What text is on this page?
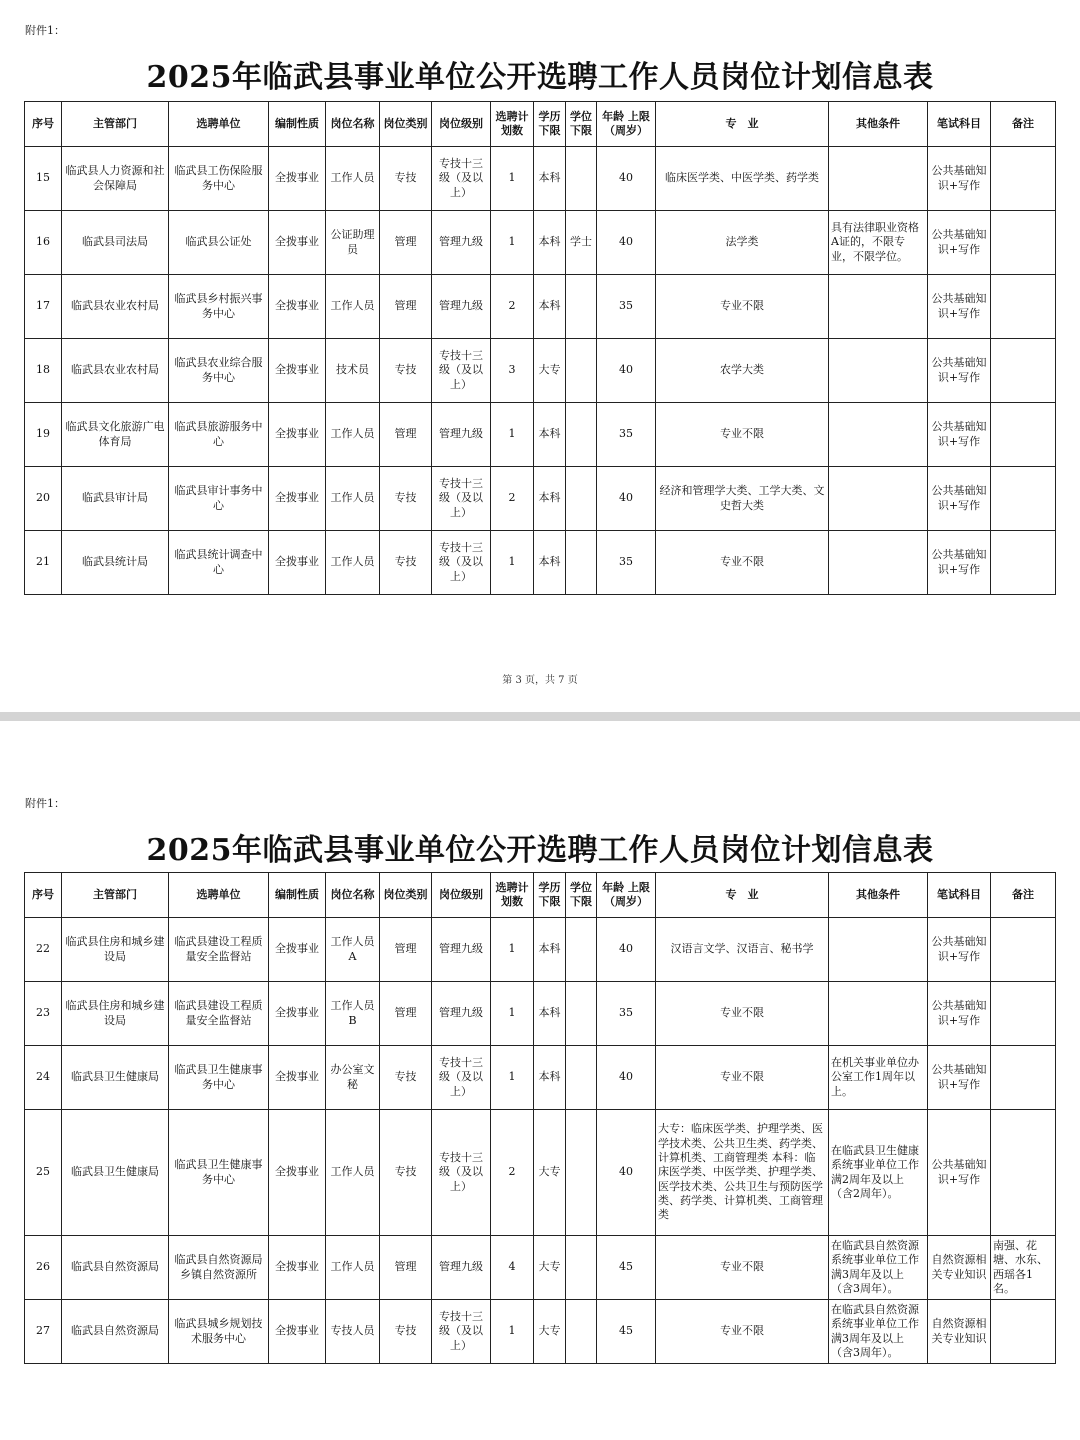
附件1：
2025年临武县事业单位公开选聘工作人员岗位计划信息表
序号	主管部门	选聘单位	编制性质	岗位名称	岗位类别	岗位级别	选聘计划数	学历下限	学位下限	年龄 上限（周岁）	专　业	其他条件	笔试科目	备注
15	临武县人力资源和社会保障局	临武县工伤保险服务中心	全拨事业	工作人员	专技	专技十三级（及以上）	1	本科		40	临床医学类、中医学类、药学类		公共基础知识+写作	
16	临武县司法局	临武县公证处	全拨事业	公证助理员	管理	管理九级	1	本科	学士	40	法学类	具有法律职业资格A证的，不限专业，不限学位。	公共基础知识+写作	
17	临武县农业农村局	临武县乡村振兴事务中心	全拨事业	工作人员	管理	管理九级	2	本科		35	专业不限		公共基础知识+写作	
18	临武县农业农村局	临武县农业综合服务中心	全拨事业	技术员	专技	专技十三级（及以上）	3	大专		40	农学大类		公共基础知识+写作	
19	临武县文化旅游广电体育局	临武县旅游服务中心	全拨事业	工作人员	管理	管理九级	1	本科		35	专业不限		公共基础知识+写作	
20	临武县审计局	临武县审计事务中心	全拨事业	工作人员	专技	专技十三级（及以上）	2	本科		40	经济和管理学大类、工学大类、文史哲大类		公共基础知识+写作	
21	临武县统计局	临武县统计调查中心	全拨事业	工作人员	专技	专技十三级（及以上）	1	本科		35	专业不限		公共基础知识+写作	
第 3 页，共 7 页
附件1：
2025年临武县事业单位公开选聘工作人员岗位计划信息表
序号	主管部门	选聘单位	编制性质	岗位名称	岗位类别	岗位级别	选聘计划数	学历下限	学位下限	年龄 上限（周岁）	专　业	其他条件	笔试科目	备注
22	临武县住房和城乡建设局	临武县建设工程质量安全监督站	全拨事业	工作人员A	管理	管理九级	1	本科		40	汉语言文学、汉语言、秘书学		公共基础知识+写作	
23	临武县住房和城乡建设局	临武县建设工程质量安全监督站	全拨事业	工作人员B	管理	管理九级	1	本科		35	专业不限		公共基础知识+写作	
24	临武县卫生健康局	临武县卫生健康事务中心	全拨事业	办公室文秘	专技	专技十三级（及以上）	1	本科		40	专业不限	在机关事业单位办公室工作1周年以上。	公共基础知识+写作	
25	临武县卫生健康局	临武县卫生健康事务中心	全拨事业	工作人员	专技	专技十三级（及以上）	2	大专		40	大专：临床医学类、护理学类、医学技术类、公共卫生类、药学类、计算机类、工商管理类 本科：临床医学类、中医学类、护理学类、医学技术类、公共卫生与预防医学类、药学类、计算机类、工商管理类	在临武县卫生健康系统事业单位工作满2周年及以上（含2周年）。	公共基础知识+写作	
26	临武县自然资源局	临武县自然资源局乡镇自然资源所	全拨事业	工作人员	管理	管理九级	4	大专		45	专业不限	在临武县自然资源系统事业单位工作满3周年及以上（含3周年）。	自然资源相关专业知识	南强、花塘、水东、西瑶各1名。
27	临武县自然资源局	临武县城乡规划技术服务中心	全拨事业	专技人员	专技	专技十三级（及以上）	1	大专		45	专业不限	在临武县自然资源系统事业单位工作满3周年及以上（含3周年）。	自然资源相关专业知识	
